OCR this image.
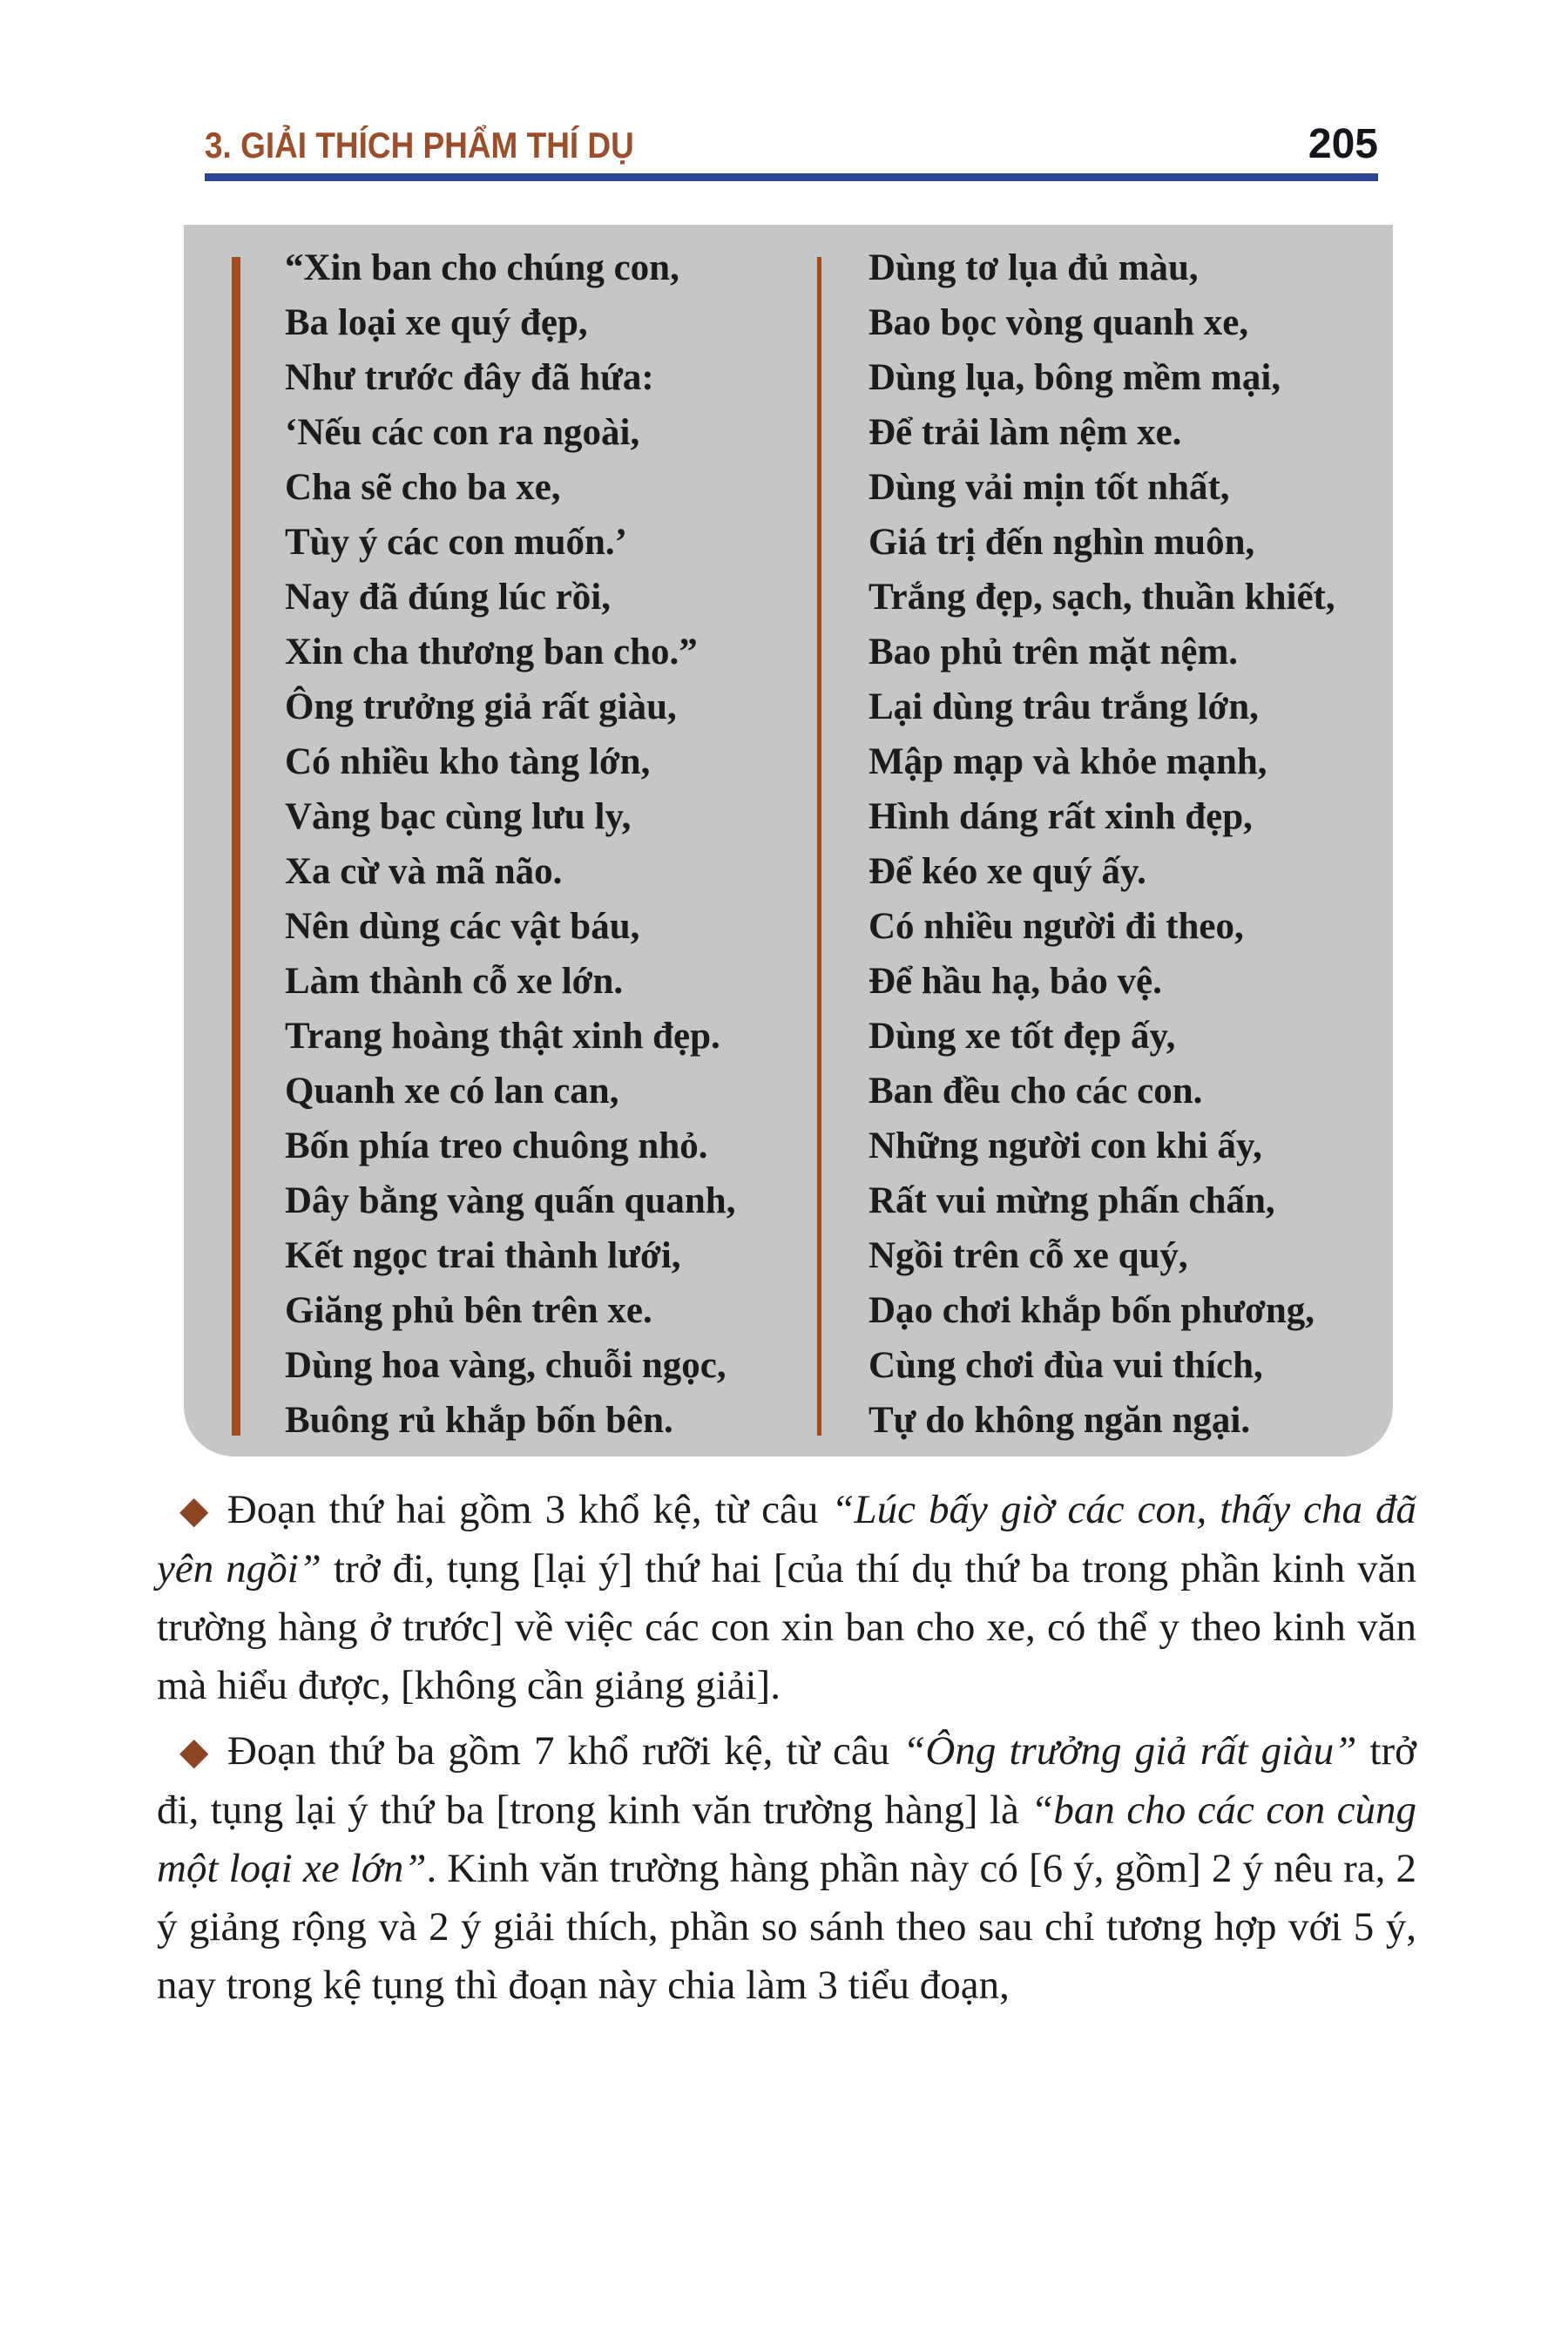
3. GIẢI THÍCH PHẨM THÍ DỤ	205
“Xin ban cho chúng con,
Ba loại xe quý đẹp,
Như trước đây đã hứa:
‘Nếu các con ra ngoài,
Cha sẽ cho ba xe,
Tùy ý các con muốn.’
Nay đã đúng lúc rồi,
Xin cha thương ban cho.”
Ông trưởng giả rất giàu,
Có nhiều kho tàng lớn,
Vàng bạc cùng lưu ly,
Xa cừ và mã não.
Nên dùng các vật báu,
Làm thành cỗ xe lớn.
Trang hoàng thật xinh đẹp.
Quanh xe có lan can,
Bốn phía treo chuông nhỏ.
Dây bằng vàng quấn quanh,
Kết ngọc trai thành lưới,
Giăng phủ bên trên xe.
Dùng hoa vàng, chuỗi ngọc,
Buông rủ khắp bốn bên.
Dùng tơ lụa đủ màu,
Bao bọc vòng quanh xe,
Dùng lụa, bông mềm mại,
Để trải làm nệm xe.
Dùng vải mịn tốt nhất,
Giá trị đến nghìn muôn,
Trắng đẹp, sạch, thuần khiết,
Bao phủ trên mặt nệm.
Lại dùng trâu trắng lớn,
Mập mạp và khỏe mạnh,
Hình dáng rất xinh đẹp,
Để kéo xe quý ấy.
Có nhiều người đi theo,
Để hầu hạ, bảo vệ.
Dùng xe tốt đẹp ấy,
Ban đều cho các con.
Những người con khi ấy,
Rất vui mừng phấn chấn,
Ngồi trên cỗ xe quý,
Dạo chơi khắp bốn phương,
Cùng chơi đùa vui thích,
Tự do không ngăn ngại.

◆ Đoạn thứ hai gồm 3 khổ kệ, từ câu “Lúc bấy giờ các con, thấy cha đã yên ngồi” trở đi, tụng [lại ý] thứ hai [của thí dụ thứ ba trong phần kinh văn trường hàng ở trước] về việc các con xin ban cho xe, có thể y theo kinh văn mà hiểu được, [không cần giảng giải].

◆ Đoạn thứ ba gồm 7 khổ rưỡi kệ, từ câu “Ông trưởng giả rất giàu” trở đi, tụng lại ý thứ ba [trong kinh văn trường hàng] là “ban cho các con cùng một loại xe lớn”. Kinh văn trường hàng phần này có [6 ý, gồm] 2 ý nêu ra, 2 ý giảng rộng và 2 ý giải thích, phần so sánh theo sau chỉ tương hợp với 5 ý, nay trong kệ tụng thì đoạn này chia làm 3 tiểu đoạn,
